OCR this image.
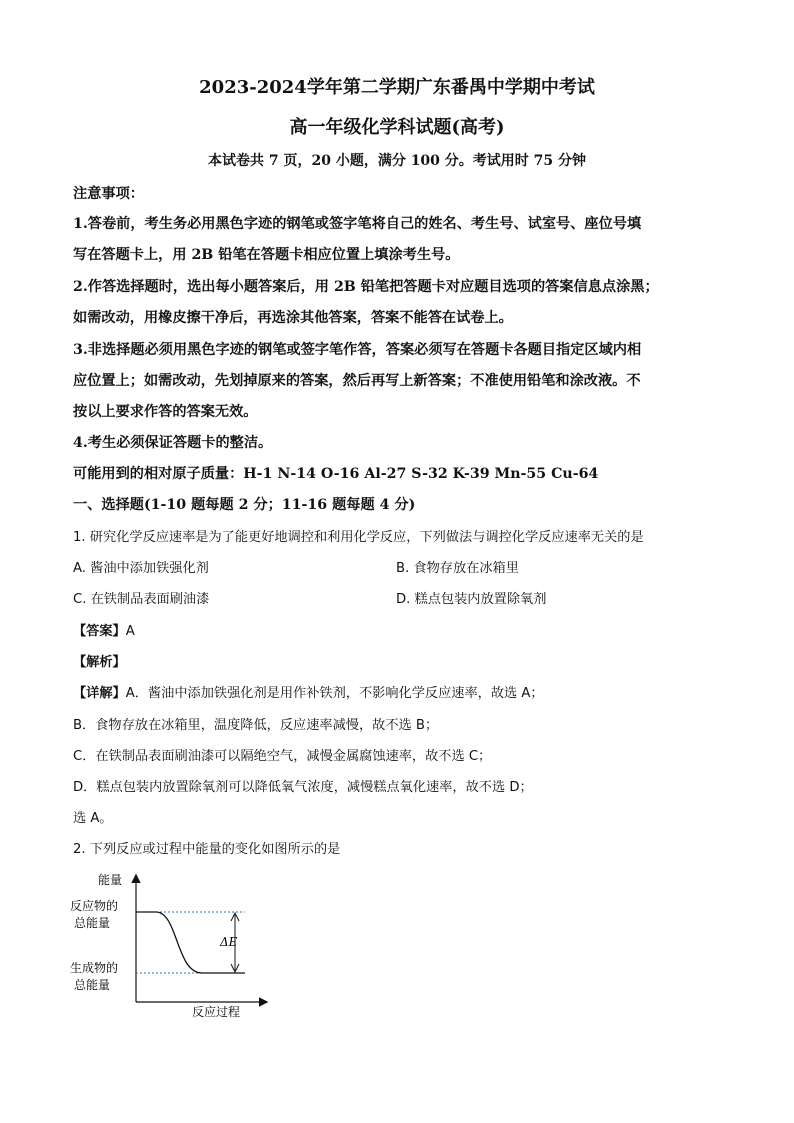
2023-2024学年第二学期广东番禺中学期中考试
高一年级化学科试题(高考)
本试卷共 7 页，20 小题，满分 100 分。考试用时 75 分钟
注意事项：
1.答卷前，考生务必用黑色字迹的钢笔或签字笔将自己的姓名、考生号、试室号、座位号填
写在答题卡上，用 2B 铅笔在答题卡相应位置上填涂考生号。
2.作答选择题时，选出每小题答案后，用 2B 铅笔把答题卡对应题目选项的答案信息点涂黑；
如需改动，用橡皮擦干净后，再选涂其他答案，答案不能答在试卷上。
3.非选择题必须用黑色字迹的钢笔或签字笔作答，答案必须写在答题卡各题目指定区域内相
应位置上；如需改动，先划掉原来的答案，然后再写上新答案；不准使用铅笔和涂改液。不
按以上要求作答的答案无效。
4.考生必须保证答题卡的整洁。
可能用到的相对原子质量：H-1 N-14 O-16 Al-27 S-32 K-39 Mn-55 Cu-64
一、选择题(1-10 题每题 2 分；11-16 题每题 4 分)
1. 研究化学反应速率是为了能更好地调控和利用化学反应，下列做法与调控化学反应速率无关的是
A. 酱油中添加铁强化剂	B. 食物存放在冰箱里
C. 在铁制品表面刷油漆	D. 糕点包装内放置除氧剂
【答案】A
【解析】
【详解】A．酱油中添加铁强化剂是用作补铁剂，不影响化学反应速率，故选 A；
B．食物存放在冰箱里，温度降低，反应速率减慢，故不选 B；
C．在铁制品表面刷油漆可以隔绝空气，减慢金属腐蚀速率，故不选 C；
D．糕点包装内放置除氧剂可以降低氧气浓度，减慢糕点氧化速率，故不选 D；
选 A。
2. 下列反应或过程中能量的变化如图所示的是
能量
反应物的
总能量
生成物的
总能量
ΔE
反应过程
